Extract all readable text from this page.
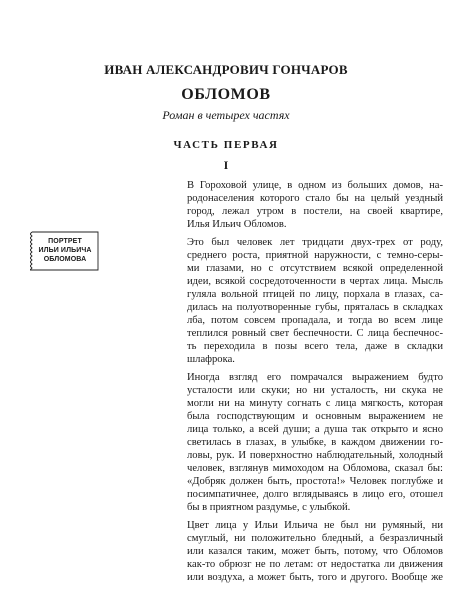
ИВАН АЛЕКСАНДРОВИЧ ГОНЧАРОВ
ОБЛОМОВ
Роман в четырех частях
ЧАСТЬ ПЕРВАЯ
I
ПОРТРЕТ
ИЛЬИ ИЛЬИЧА
ОБЛОМОВА

В Гороховой улице, в одном из больших домов, на-
родонаселения которого стало бы на целый уездный
город, лежал утром в постели, на своей квартире,
Илья Ильич Обломов.

Это был человек лет тридцати двух-трех от роду,
среднего роста, приятной наружности, с темно-серы-
ми глазами, но с отсутствием всякой определенной
идеи, всякой сосредоточенности в чертах лица. Мысль
гуляла вольной птицей по лицу, порхала в глазах, са-
дилась на полуотворенные губы, пряталась в складках
лба, потом совсем пропадала, и тогда во всем лице
теплился ровный свет беспечности. С лица беспечнос-
ть переходила в позы всего тела, даже в складки
шлафрока.

Иногда взгляд его помрачался выражением будто
усталости или скуки; но ни усталость, ни скука не
могли ни на минуту согнать с лица мягкость, которая
была господствующим и основным выражением не
лица только, а всей души; а душа так открыто и ясно
светилась в глазах, в улыбке, в каждом движении го-
ловы, рук. И поверхностно наблюдательный, холодный
человек, взглянув мимоходом на Обломова, сказал бы:
«Добряк должен быть, простота!» Человек поглубже и
посимпатичнее, долго вглядываясь в лицо его, отошел
бы в приятном раздумье, с улыбкой.

Цвет лица у Ильи Ильича не был ни румяный, ни
смуглый, ни положительно бледный, а безразличный
или казался таким, может быть, потому, что Обломов
как-то обрюзг не по летам: от недостатка ли движения
или воздуха, а может быть, того и другого. Вообще же
